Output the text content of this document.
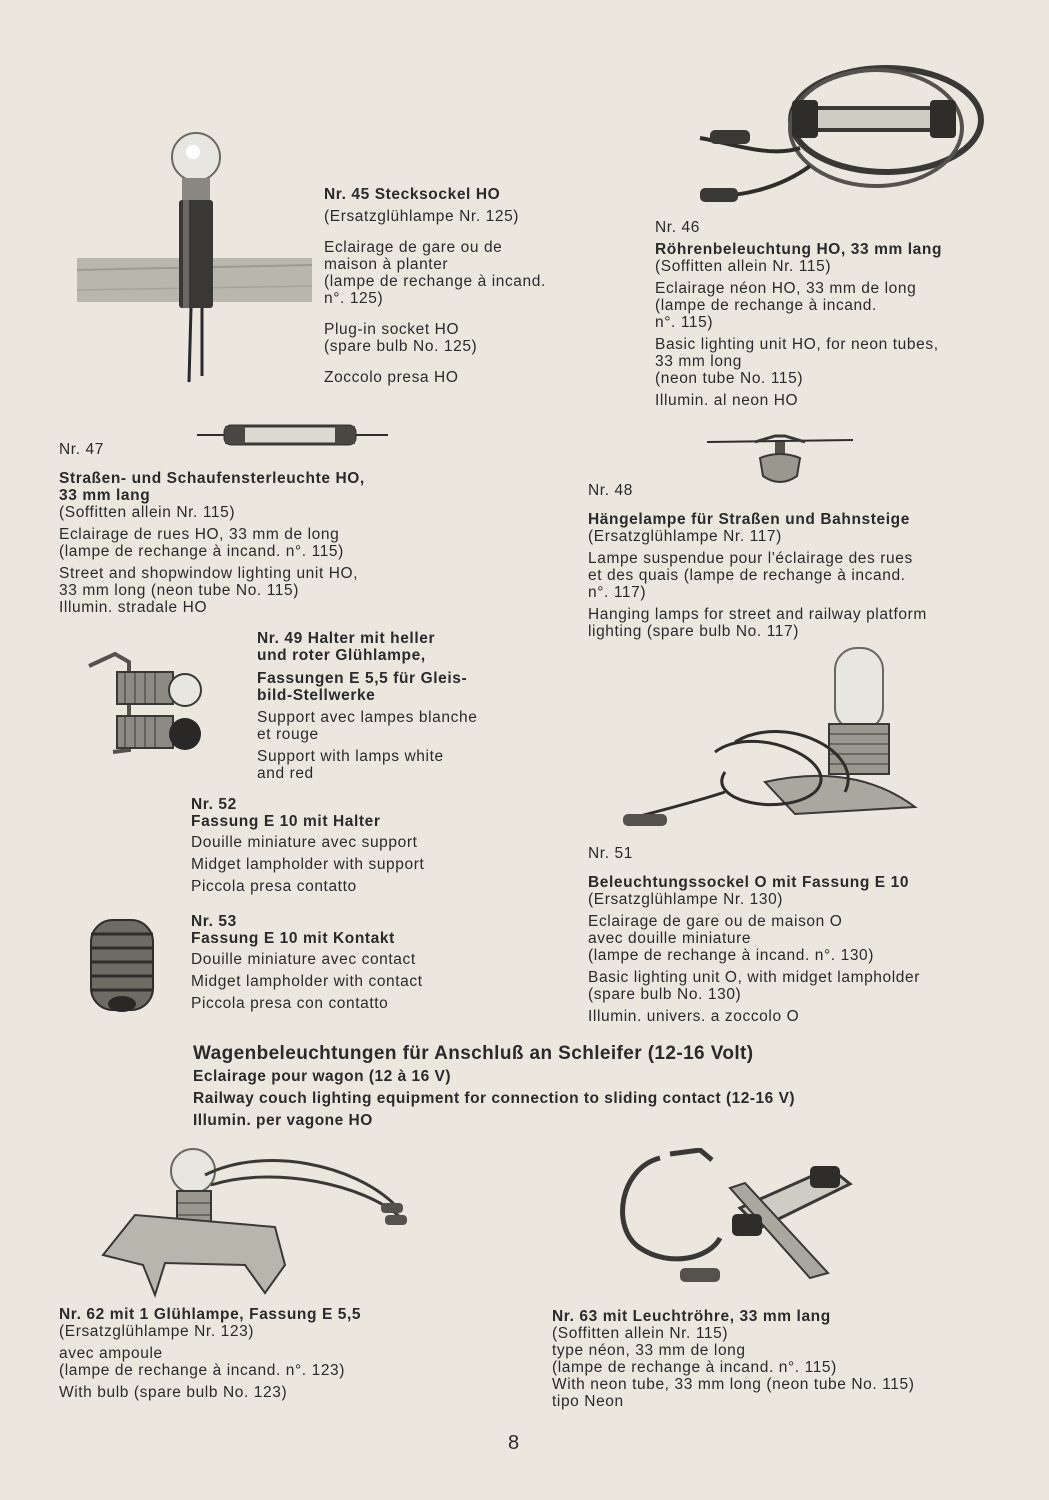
Nr. 45 Stecksockel HO
(Ersatzglühlampe Nr. 125)
Eclairage de gare ou de
maison à planter
(lampe de rechange à incand.
n°. 125)
Plug-in socket HO
(spare bulb No. 125)
Zoccolo presa HO
Nr. 46
Röhrenbeleuchtung HO, 33 mm lang
(Soffitten allein Nr. 115)
Eclairage néon HO, 33 mm de long
(lampe de rechange à incand.
n°. 115)
Basic lighting unit HO, for neon tubes,
33 mm long
(neon tube No. 115)
Illumin. al neon HO
Nr. 47
Straßen- und Schaufensterleuchte HO,
33 mm lang
(Soffitten allein Nr. 115)
Eclairage de rues HO, 33 mm de long
(lampe de rechange à incand. n°. 115)
Street and shopwindow lighting unit HO,
33 mm long (neon tube No. 115)
Illumin. stradale HO
Nr. 48
Hängelampe für Straßen und Bahnsteige
(Ersatzglühlampe Nr. 117)
Lampe suspendue pour l'éclairage des rues
et des quais (lampe de rechange à incand.
n°. 117)
Hanging lamps for street and railway platform
lighting (spare bulb No. 117)
Nr. 49 Halter mit heller
und roter Glühlampe,
Fassungen E 5,5 für Gleis-
bild-Stellwerke
Support avec lampes blanche
et rouge
Support with lamps white
and red
Nr. 52
Fassung E 10 mit Halter
Douille miniature avec support
Midget lampholder with support
Piccola presa contatto
Nr. 53
Fassung E 10 mit Kontakt
Douille miniature avec contact
Midget lampholder with contact
Piccola presa con contatto
Nr. 51
Beleuchtungssockel O mit Fassung E 10
(Ersatzglühlampe Nr. 130)
Eclairage de gare ou de maison O
avec douille miniature
(lampe de rechange à incand. n°. 130)
Basic lighting unit O, with midget lampholder
(spare bulb No. 130)
Illumin. univers. a zoccolo O
Wagenbeleuchtungen für Anschluß an Schleifer (12-16 Volt)
Eclairage pour wagon (12 à 16 V)
Railway couch lighting equipment for connection to sliding contact (12-16 V)
Illumin. per vagone HO
Nr. 62 mit 1 Glühlampe, Fassung E 5,5
(Ersatzglühlampe Nr. 123)
avec ampoule
(lampe de rechange à incand. n°. 123)
With bulb (spare bulb No. 123)
Nr. 63 mit Leuchtröhre, 33 mm lang
(Soffitten allein Nr. 115)
type néon, 33 mm de long
(lampe de rechange à incand. n°. 115)
With neon tube, 33 mm long (neon tube No. 115)
tipo Neon
8
